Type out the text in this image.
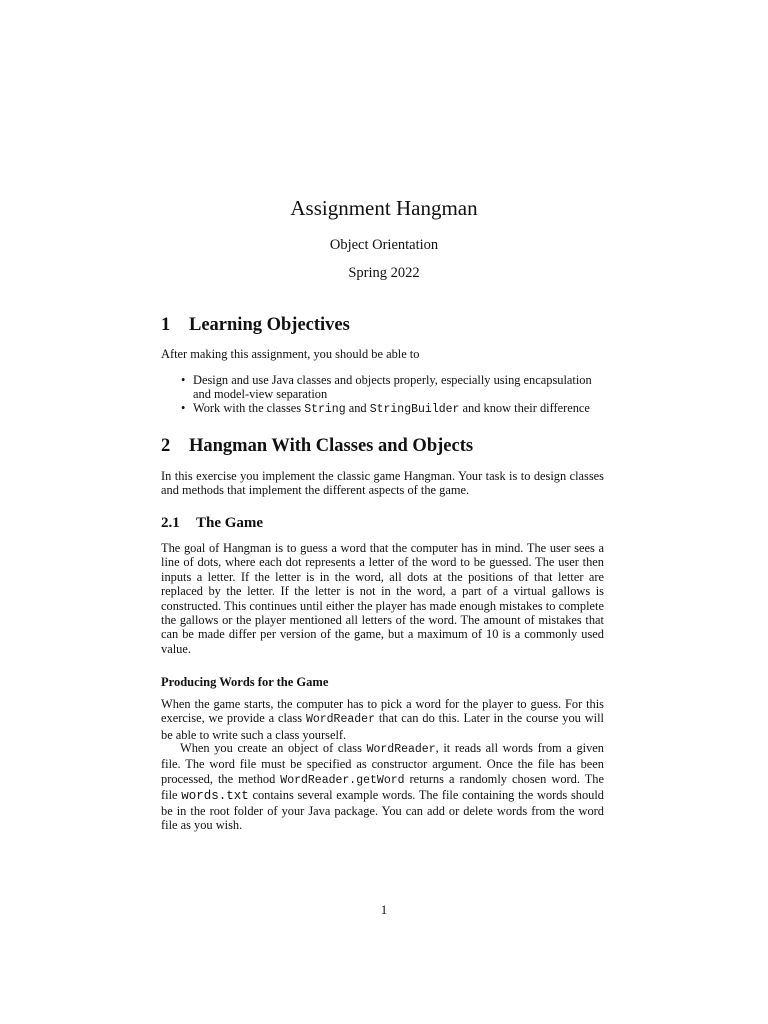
Assignment Hangman
Object Orientation
Spring 2022
1 Learning Objectives
After making this assignment, you should be able to
• Design and use Java classes and objects properly, especially using encapsulation and model-view separation
• Work with the classes String and StringBuilder and know their difference
2 Hangman With Classes and Objects
In this exercise you implement the classic game Hangman. Your task is to design classes and methods that implement the different aspects of the game.
2.1 The Game
The goal of Hangman is to guess a word that the computer has in mind. The user sees a line of dots, where each dot represents a letter of the word to be guessed. The user then inputs a letter. If the letter is in the word, all dots at the positions of that letter are replaced by the letter. If the letter is not in the word, a part of a virtual gallows is constructed. This continues until either the player has made enough mistakes to complete the gallows or the player mentioned all letters of the word. The amount of mistakes that can be made differ per version of the game, but a maximum of 10 is a commonly used value.
Producing Words for the Game
When the game starts, the computer has to pick a word for the player to guess. For this exercise, we provide a class WordReader that can do this. Later in the course you will be able to write such a class yourself.
When you create an object of class WordReader, it reads all words from a given file. The word file must be specified as constructor argument. Once the file has been processed, the method WordReader.getWord returns a randomly chosen word. The file words.txt contains several example words. The file containing the words should be in the root folder of your Java package. You can add or delete words from the word file as you wish.
1
